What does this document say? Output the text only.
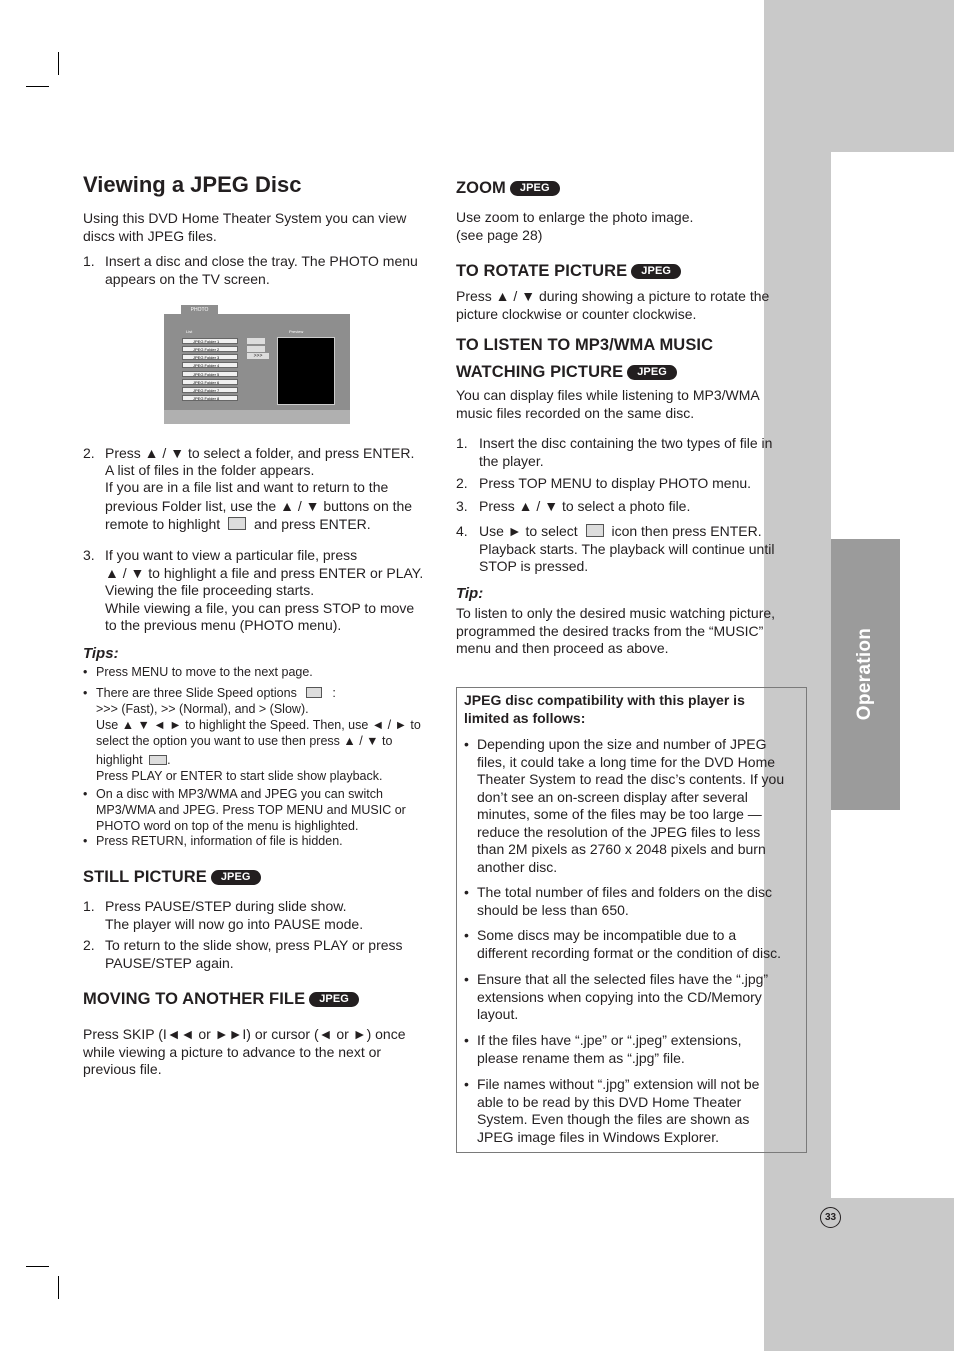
Operation
Viewing a JPEG Disc
Using this DVD Home Theater System you can view
discs with JPEG files.
1. Insert a disc and close the tray. The PHOTO menu
appears on the TV screen.
PHOTO
List	Preview
JPEG Folder 1
JPEG Folder 2
JPEG Folder 3
JPEG Folder 4
JPEG Folder 5
JPEG Folder 6
JPEG Folder 7
JPEG Folder 8
>>>
2. Press ▲ / ▼ to select a folder, and press ENTER.
A list of files in the folder appears.
If you are in a file list and want to return to the
previous Folder list, use the ▲ / ▼ buttons on the
remote to highlight and press ENTER.
3. If you want to view a particular file, press
▲ / ▼ to highlight a file and press ENTER or PLAY.
Viewing the file proceeding starts.
While viewing a file, you can press STOP to move
to the previous menu (PHOTO menu).
Tips:
• Press MENU to move to the next page.
• There are three Slide Speed options	:
>>> (Fast), >> (Normal), and > (Slow).
Use ▲ ▼ ◄ ► to highlight the Speed. Then, use ◄ / ► to
select the option you want to use then press ▲ / ▼ to
highlight .
Press PLAY or ENTER to start slide show playback.
• On a disc with MP3/WMA and JPEG you can switch
MP3/WMA and JPEG. Press TOP MENU and MUSIC or
PHOTO word on top of the menu is highlighted.
• Press RETURN, information of file is hidden.
STILL PICTURE JPEG
1. Press PAUSE/STEP during slide show.
The player will now go into PAUSE mode.
2. To return to the slide show, press PLAY or press
PAUSE/STEP again.
MOVING TO ANOTHER FILE JPEG
Press SKIP (I◄◄ or ►►I) or cursor (◄ or ►) once
while viewing a picture to advance to the next or
previous file.
ZOOM JPEG
Use zoom to enlarge the photo image.
(see page 28)
TO ROTATE PICTURE JPEG
Press ▲ / ▼ during showing a picture to rotate the
picture clockwise or counter clockwise.
TO LISTEN TO MP3/WMA MUSIC
WATCHING PICTURE JPEG
You can display files while listening to MP3/WMA
music files recorded on the same disc.
1. Insert the disc containing the two types of file in
the player.
2. Press TOP MENU to display PHOTO menu.
3. Press ▲ / ▼ to select a photo file.
4. Use ► to select icon then press ENTER.
Playback starts. The playback will continue until
STOP is pressed.
Tip:
To listen to only the desired music watching picture,
programmed the desired tracks from the “MUSIC”
menu and then proceed as above.
JPEG disc compatibility with this player is
limited as follows:
• Depending upon the size and number of JPEG
files, it could take a long time for the DVD Home
Theater System to read the disc’s contents. If you
don’t see an on-screen display after several
minutes, some of the files may be too large —
reduce the resolution of the JPEG files to less
than 2M pixels as 2760 x 2048 pixels and burn
another disc.
• The total number of files and folders on the disc
should be less than 650.
• Some discs may be incompatible due to a
different recording format or the condition of disc.
• Ensure that all the selected files have the “.jpg”
extensions when copying into the CD/Memory
layout.
• If the files have “.jpe” or “.jpeg” extensions,
please rename them as “.jpg” file.
• File names without “.jpg” extension will not be
able to be read by this DVD Home Theater
System. Even though the files are shown as
JPEG image files in Windows Explorer.
33
